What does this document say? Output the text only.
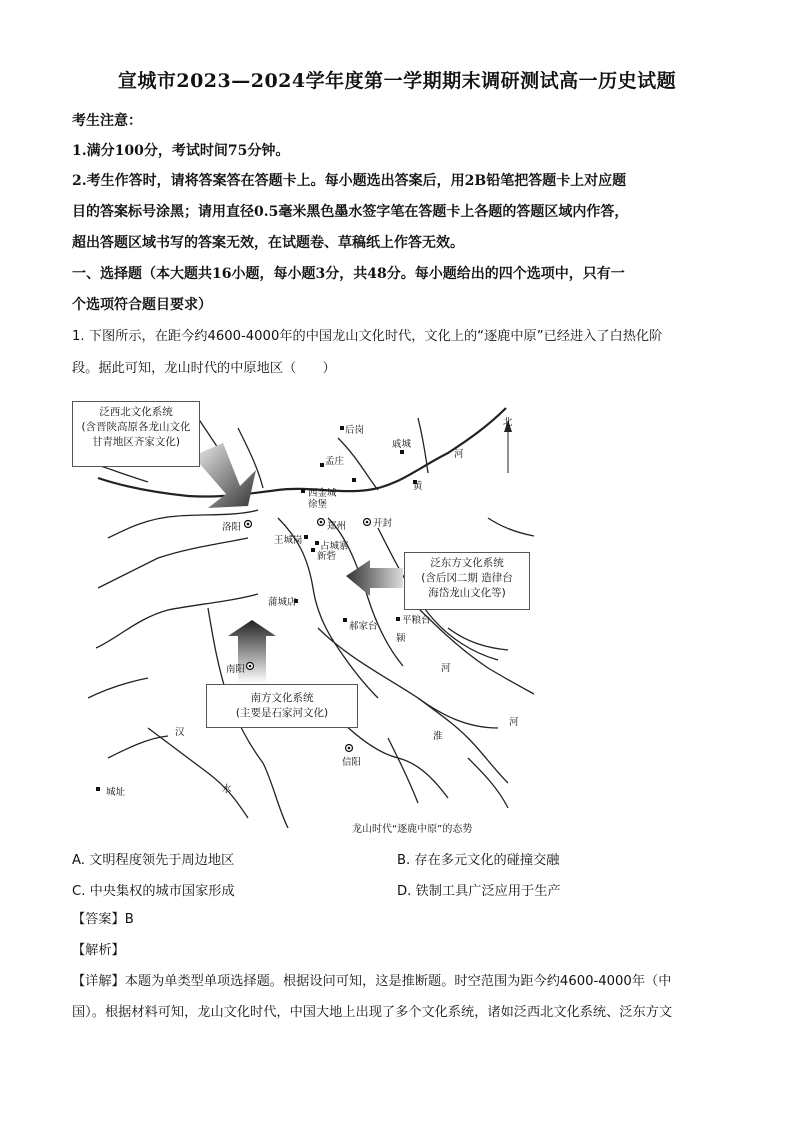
宣城市2023—2024学年度第一学期期末调研测试高一历史试题
考生注意：
1.满分100分，考试时间75分钟。
2.考生作答时，请将答案答在答题卡上。每小题选出答案后，用2B铅笔把答题卡上对应题
目的答案标号涂黑；请用直径0.5毫米黑色墨水签字笔在答题卡上各题的答题区域内作答，
超出答题区域书写的答案无效，在试题卷、草稿纸上作答无效。
一、选择题（本大题共16小题，每小题3分，共48分。每小题给出的四个选项中，只有一
个选项符合题目要求）
1. 下图所示，在距今约4600-4000年的中国龙山文化时代，文化上的“逐鹿中原”已经进入了白热化阶
段。据此可知，龙山时代的中原地区（　　）
泛西北文化系统
(含晋陕高原各龙山文化
甘青地区齐家文化)
泛东方文化系统
(含后冈二期 造律台
海岱龙山文化等)
南方文化系统
(主要是石家河文化)
北
后岗
戚城
孟庄
西金城
徐堡
洛阳	郑州	开封
王城岗
占城寨
新砦
蒲城店
郝家台
平粮台
南阳
信阳
河
黄
颍
河
河
淮
汉
水
城址
龙山时代“逐鹿中原”的态势
A. 文明程度领先于周边地区	B. 存在多元文化的碰撞交融
C. 中央集权的城市国家形成	D. 铁制工具广泛应用于生产
【答案】B
【解析】
【详解】本题为单类型单项选择题。根据设问可知，这是推断题。时空范围为距今约4600-4000年（中
国）。根据材料可知，龙山文化时代，中国大地上出现了多个文化系统，诸如泛西北文化系统、泛东方文
